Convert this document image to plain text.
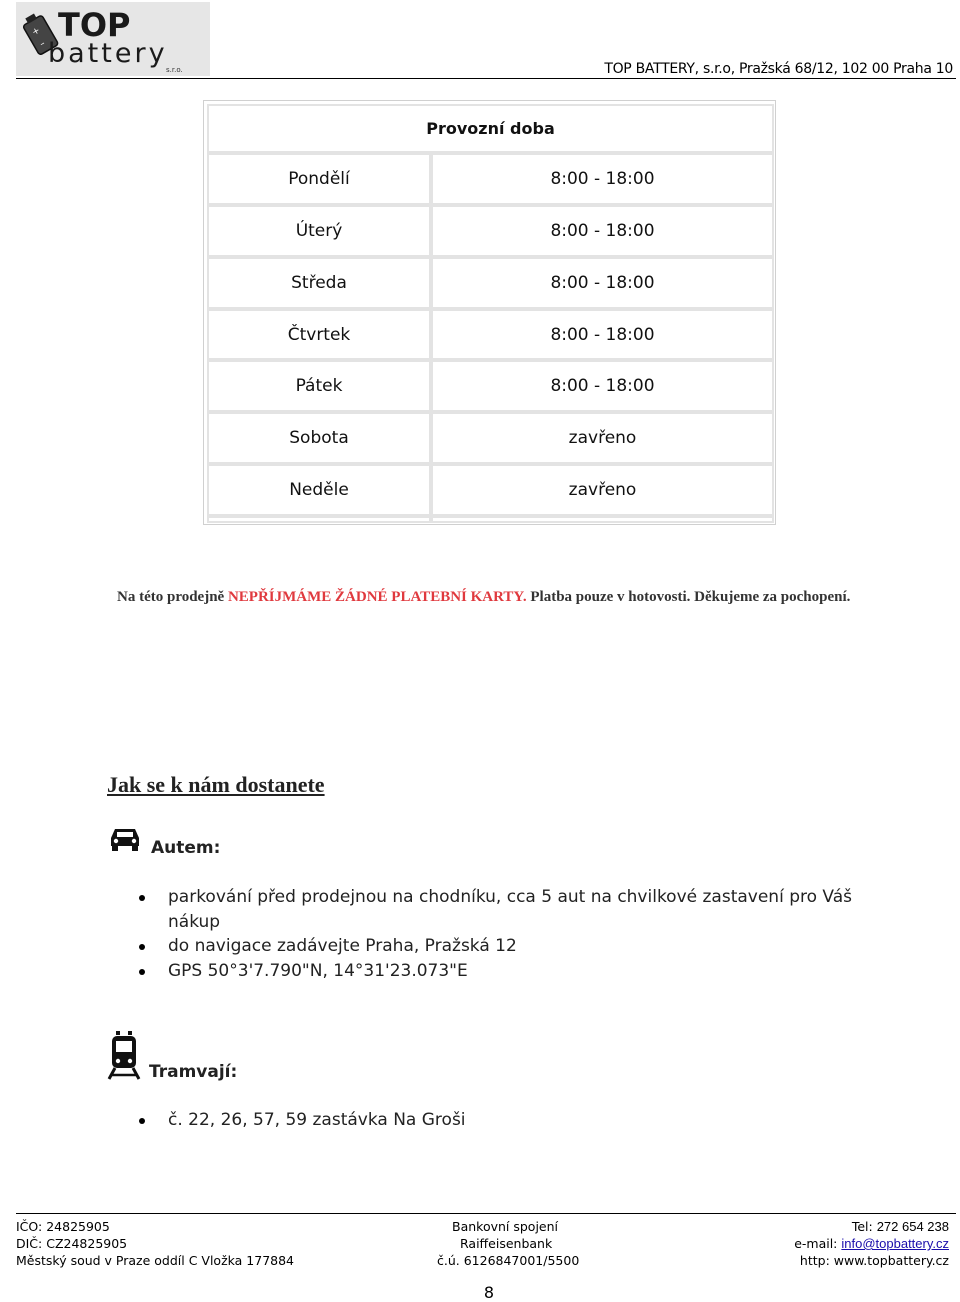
+
–
TOP
battery
s.r.o.	TOP BATTERY, s.r.o, Pražská 68/12, 102 00 Praha 10
Provozní doba
Pondělí	8:00 - 18:00
Úterý	8:00 - 18:00
Středa	8:00 - 18:00
Čtvrtek	8:00 - 18:00
Pátek	8:00 - 18:00
Sobota	zavřeno
Neděle	zavřeno
Na této prodejně NEPŘÍJMÁME ŽÁDNÉ PLATEBNÍ KARTY. Platba pouze v hotovosti. Děkujeme za pochopení.
Jak se k nám dostanete
Autem:
parkování před prodejnou na chodníku, cca 5 aut na chvilkové zastavení pro Váš nákup
do navigace zadávejte Praha, Pražská 12
GPS 50°3'7.790"N, 14°31'23.073"E
Tramvají:
č. 22, 26, 57, 59 zastávka Na Groši
IČO: 24825905
DIČ: CZ24825905
Městský soud v Praze oddíl C Vložka 177884
Bankovní spojení
Raiffeisenbank
č.ú. 6126847001/5500
Tel: 272 654 238
e-mail: info@topbattery.cz
http: www.topbattery.cz
8
